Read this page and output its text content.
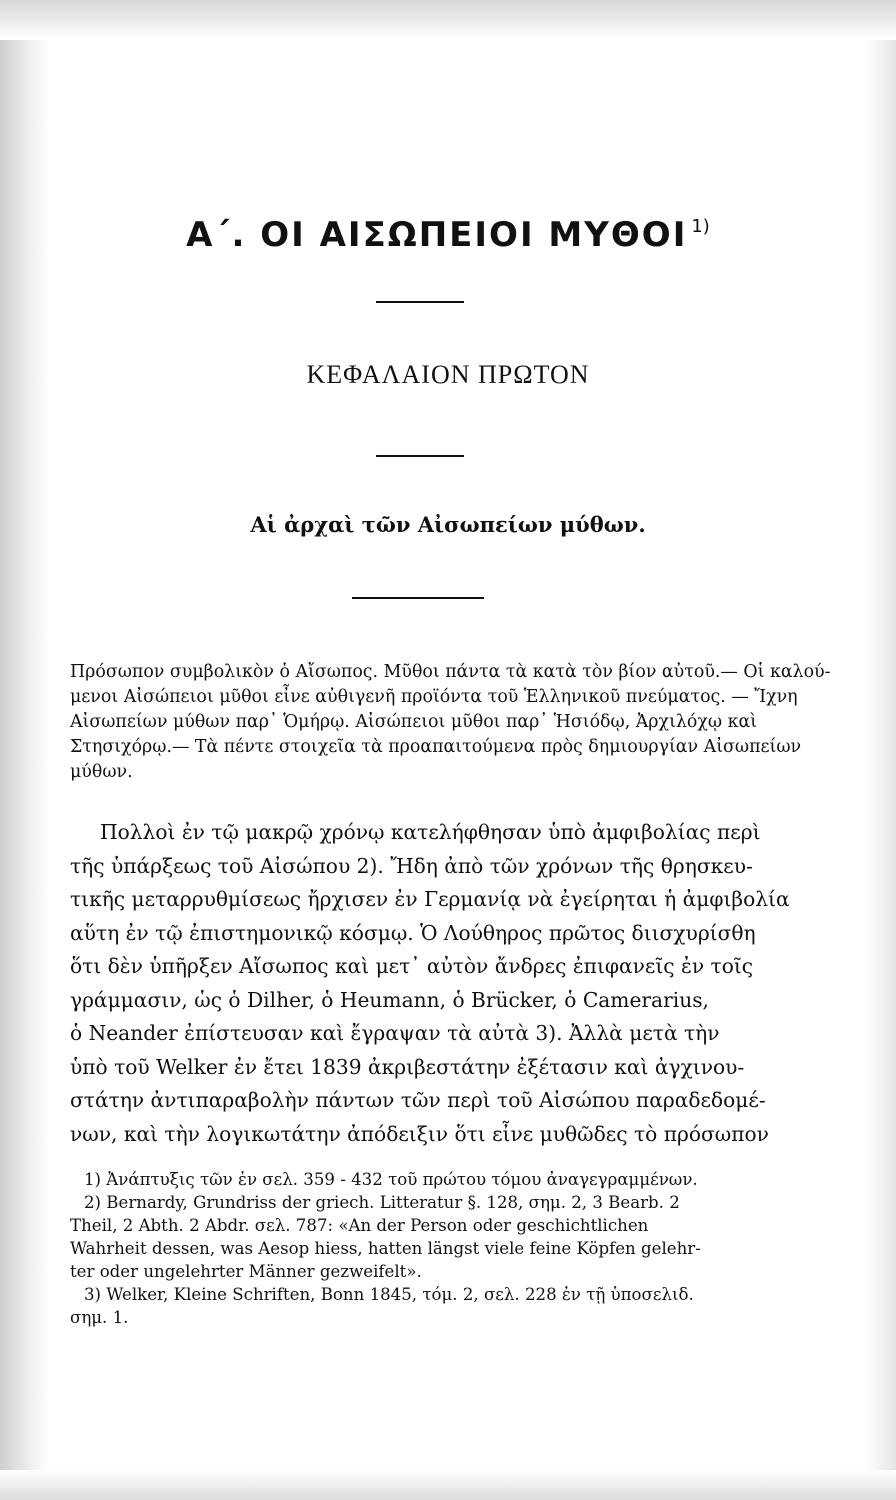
Α΄. ΟΙ ΑΙΣΩΠΕΙΟΙ ΜΥΘΟΙ $^{1)}$
ΚΕΦΑΛΑΙΟΝ ΠΡΩΤΟΝ
Αἱ ἀρχαὶ τῶν Αἰσωπείων μύθων.
Πρόσωπον συμβολικὸν ὁ Αἴσωπος. Μῦθοι πάντα τὰ κατὰ τὸν βίον αὐτοῦ.— Οἱ καλού-
μενοι Αἰσώπειοι μῦθοι εἶνε αὐθιγενῆ προϊόντα τοῦ Ἑλληνικοῦ πνεύματος. — Ἴχνη
Αἰσωπείων μύθων παρ᾽ Ὁμήρῳ. Αἰσώπειοι μῦθοι παρ᾽ Ἡσιόδῳ, Ἀρχιλόχῳ καὶ
Στησιχόρῳ.— Τὰ πέντε στοιχεῖα τὰ προαπαιτούμενα πρὸς δημιουργίαν Αἰσωπείων
μύθων.
Πολλοὶ ἐν τῷ μακρῷ χρόνῳ κατελήφθησαν ὑπὸ ἀμφιβολίας περὶ
τῆς ὑπάρξεως τοῦ Αἰσώπου 2). Ἤδη ἀπὸ τῶν χρόνων τῆς θρησκευ-
τικῆς μεταρρυθμίσεως ἤρχισεν ἐν Γερμανίᾳ νὰ ἐγείρηται ἡ ἀμφιβολία
αὕτη ἐν τῷ ἐπιστημονικῷ κόσμῳ. Ὁ Λούθηρος πρῶτος διισχυρίσθη
ὅτι δὲν ὑπῆρξεν Αἴσωπος καὶ μετ᾽ αὐτὸν ἄνδρες ἐπιφανεῖς ἐν τοῖς
γράμμασιν, ὡς ὁ Dilher, ὁ Heumann, ὁ Brücker, ὁ Camerarius,
ὁ Neander ἐπίστευσαν καὶ ἔγραψαν τὰ αὐτὰ 3). Ἀλλὰ μετὰ τὴν
ὑπὸ τοῦ Welker ἐν ἔτει 1839 ἀκριβεστάτην ἐξέτασιν καὶ ἀγχινου-
στάτην ἀντιπαραβολὴν πάντων τῶν περὶ τοῦ Αἰσώπου παραδεδομέ-
νων, καὶ τὴν λογικωτάτην ἀπόδειξιν ὅτι εἶνε μυθῶδες τὸ πρόσωπον
1) Ἀνάπτυξις τῶν ἐν σελ. 359 - 432 τοῦ πρώτου τόμου ἀναγεγραμμένων.
2) Bernardy, Grundriss der griech. Litteratur §. 128, σημ. 2, 3 Bearb. 2
Theil, 2 Abth. 2 Abdr. σελ. 787: «An der Person oder geschichtlichen
Wahrheit dessen, was Aesop hiess, hatten längst viele feine Köpfen gelehr-
ter oder ungelehrter Männer gezweifelt».
3) Welker, Kleine Schriften, Bonn 1845, τόμ. 2, σελ. 228 ἐν τῇ ὑποσελιδ.
σημ. 1.
